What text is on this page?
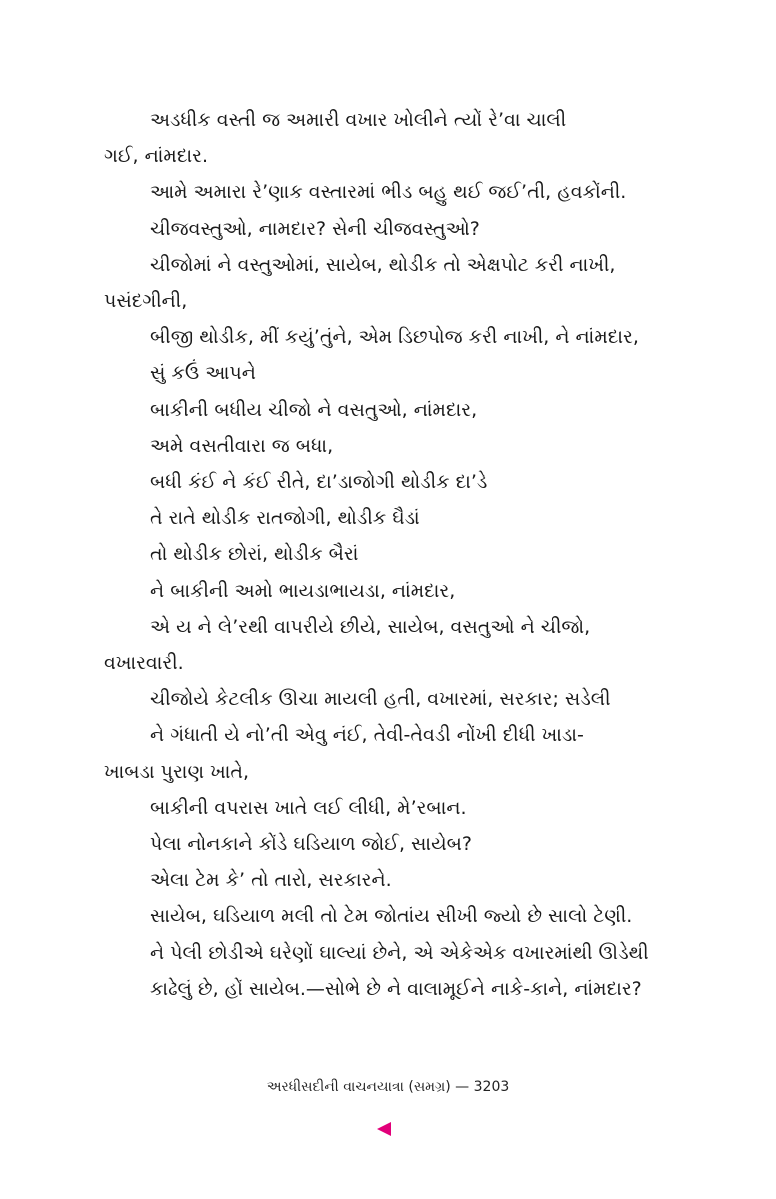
અડધીક વસ્તી જ અમારી વખાર ખોલીને ત્યોં રે’વા ચાલી
ગઈ, નાંમદાર.
આમે અમારા રે’ણાક વસ્તારમાં ભીડ બહુ થઈ જઈ’તી, હવકોંની.
ચીજવસ્તુઓ, નામદાર? સેની ચીજવસ્તુઓ?
ચીજોમાં ને વસ્તુઓમાં, સાયેબ, થોડીક તો એક્ષપોટ કરી નાખી,
પસંદગીની,
બીજી થોડીક, મીં કયું’તુંને, એમ ડિછપોજ કરી નાખી, ને નાંમદાર,
સું કઉં આપને
બાકીની બધીય ચીજો ને વસતુઓ, નાંમદાર,
અમે વસતીવારા જ બધા,
બધી કંઈ ને કંઈ રીતે, દા’ડાજોગી થોડીક દા’ડે
તે રાતે થોડીક રાતજોગી, થોડીક ઘૈડાં
તો થોડીક છોરાં, થોડીક બૈરાં
ને બાકીની અમો ભાયડાભાયડા, નાંમદાર,
એ ય ને લે’રથી વાપરીયે છીયે, સાયેબ, વસતુઓ ને ચીજો,
વખારવારી.
ચીજોયે કેટલીક ઊચા માયલી હતી, વખારમાં, સરકાર; સડેલી
ને ગંધાતી યે નો’તી એવુ નંઈ, તેવી-તેવડી નોંખી દીધી ખાડા-
ખાબડા પુરાણ ખાતે,
બાકીની વપરાસ ખાતે લઈ લીધી, મે’રબાન.
પેલા નોનકાને કોંડે ઘડિયાળ જોઈ, સાયેબ?
એલા ટેમ કે’ તો તારો, સરકારને.
સાયેબ, ઘડિયાળ મલી તો ટેમ જોતાંય સીખી જ્યો છે સાલો ટેણી.
ને પેલી છોડીએ ઘરેણોં ઘાલ્યાં છેને, એ એકેએક વખારમાંથી ઊડેથી
કાઢેલું છે, હોં સાયેબ.—સોભે છે ને વાલામૂઈને નાકે-કાને, નાંમદાર?
અરધીસદીની વાચનયાત્રા (સમગ્ર) — 3203
